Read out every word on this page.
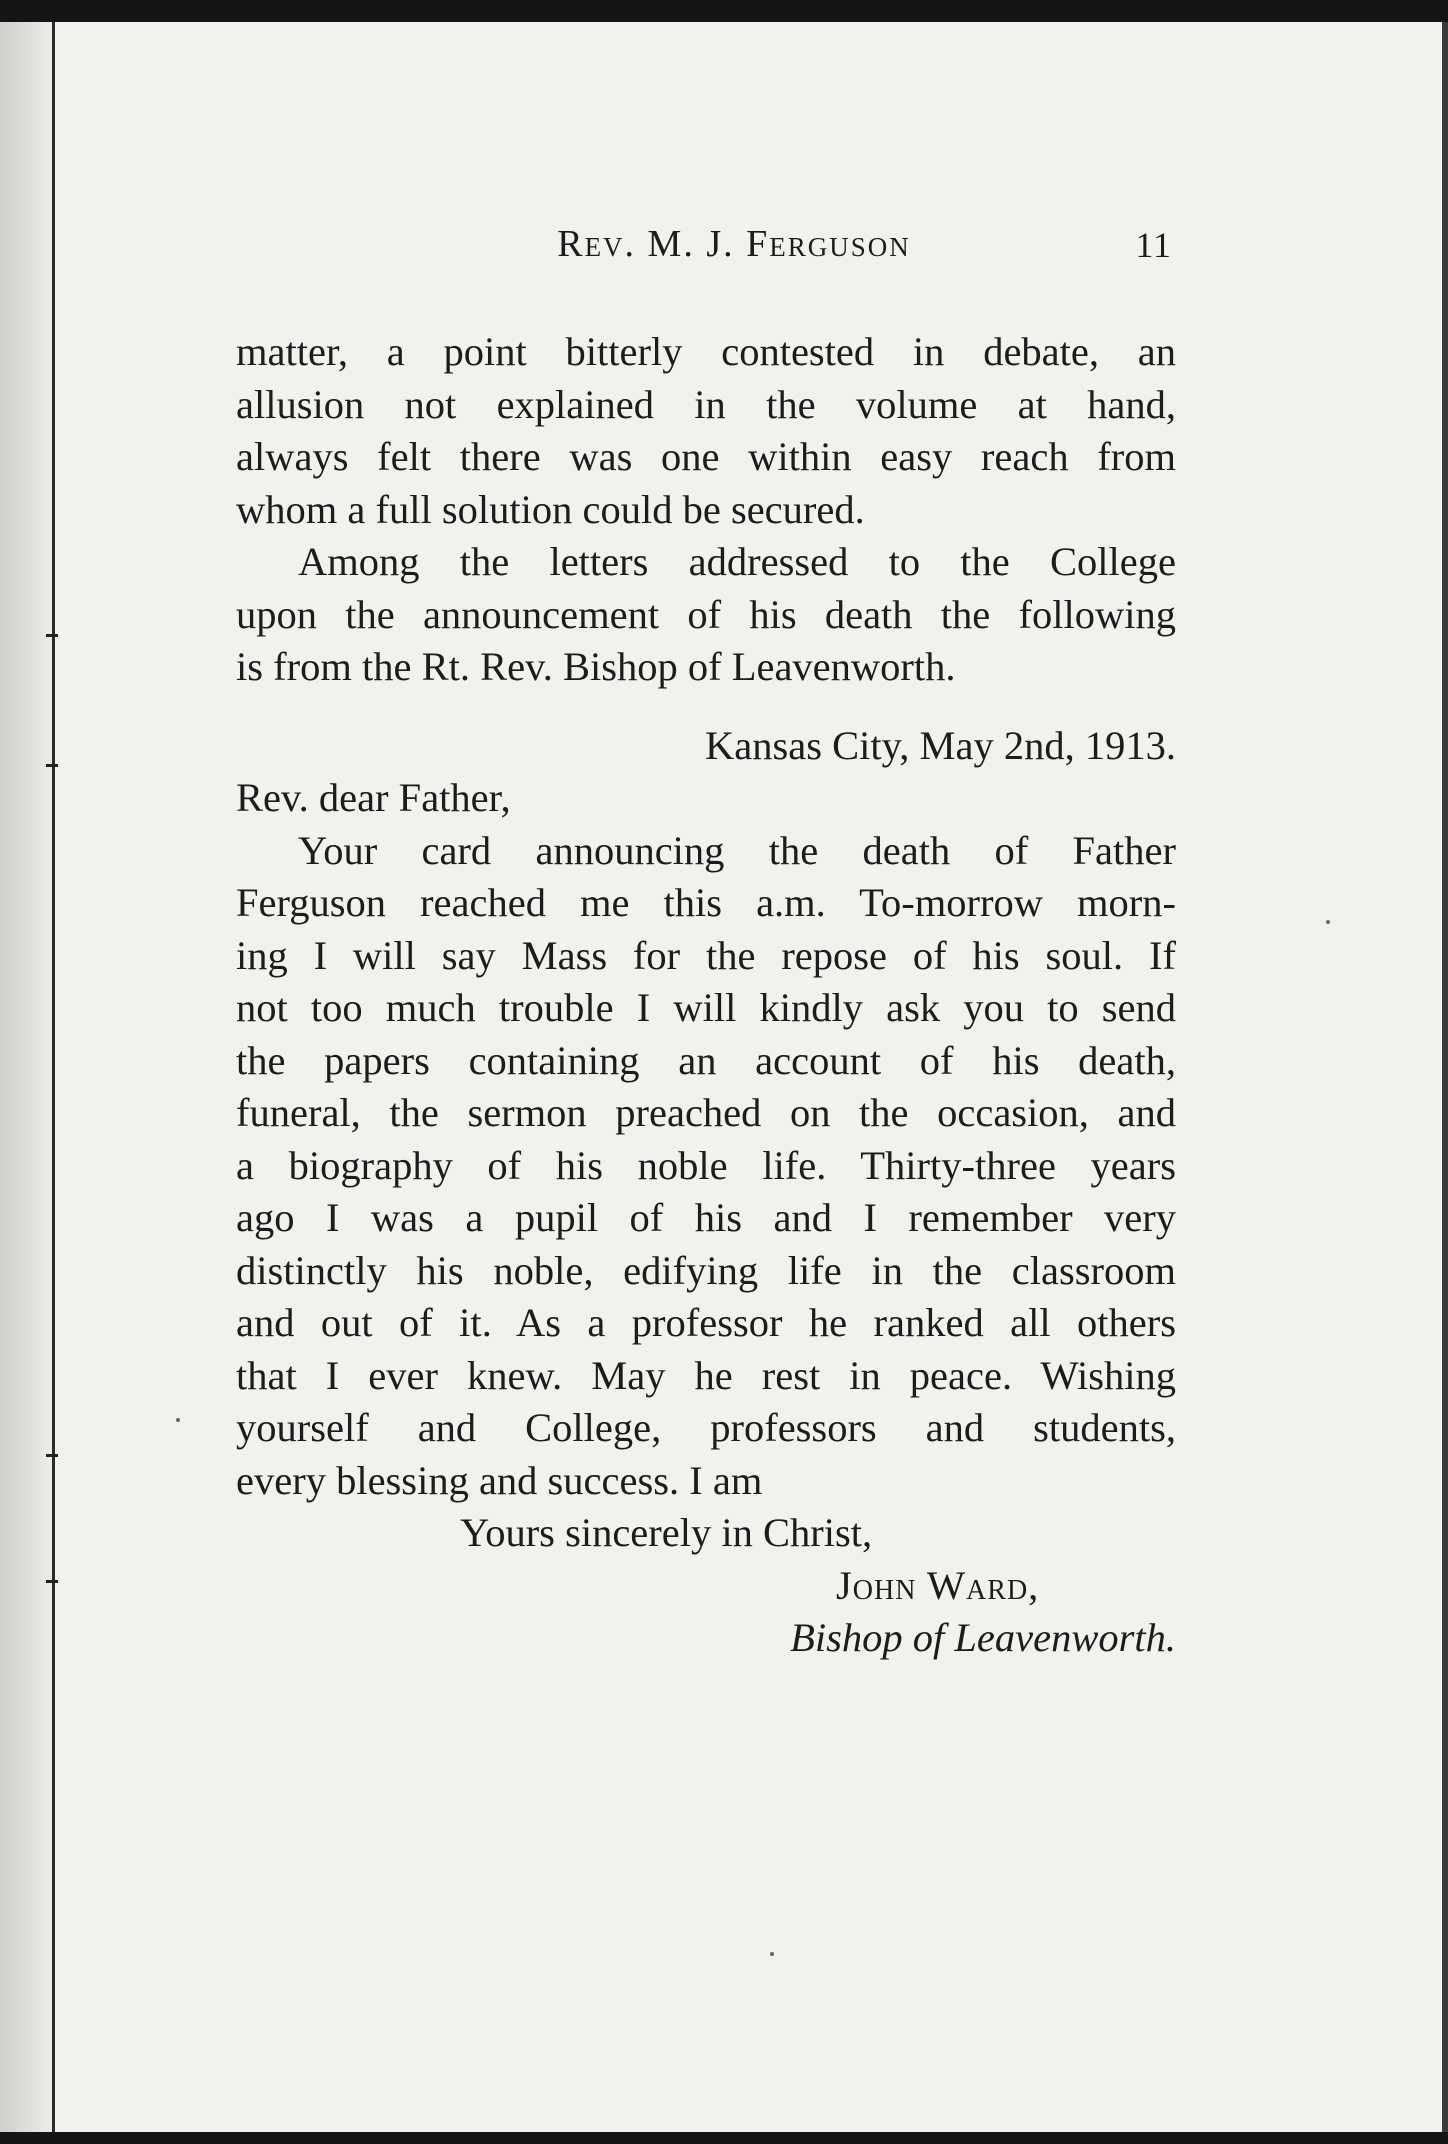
Rev. M. J. Ferguson	11
matter, a point bitterly contested in debate, an
allusion not explained in the volume at hand,
always felt there was one within easy reach from
whom a full solution could be secured.
Among the letters addressed to the College
upon the announcement of his death the following
is from the Rt. Rev. Bishop of Leavenworth.
Kansas City, May 2nd, 1913.
Rev. dear Father,
Your card announcing the death of Father
Ferguson reached me this a.m. To-morrow morn-
ing I will say Mass for the repose of his soul. If
not too much trouble I will kindly ask you to send
the papers containing an account of his death,
funeral, the sermon preached on the occasion, and
a biography of his noble life. Thirty-three years
ago I was a pupil of his and I remember very
distinctly his noble, edifying life in the classroom
and out of it. As a professor he ranked all others
that I ever knew. May he rest in peace. Wishing
yourself and College, professors and students,
every blessing and success. I am
Yours sincerely in Christ,
John Ward,
Bishop of Leavenworth.
